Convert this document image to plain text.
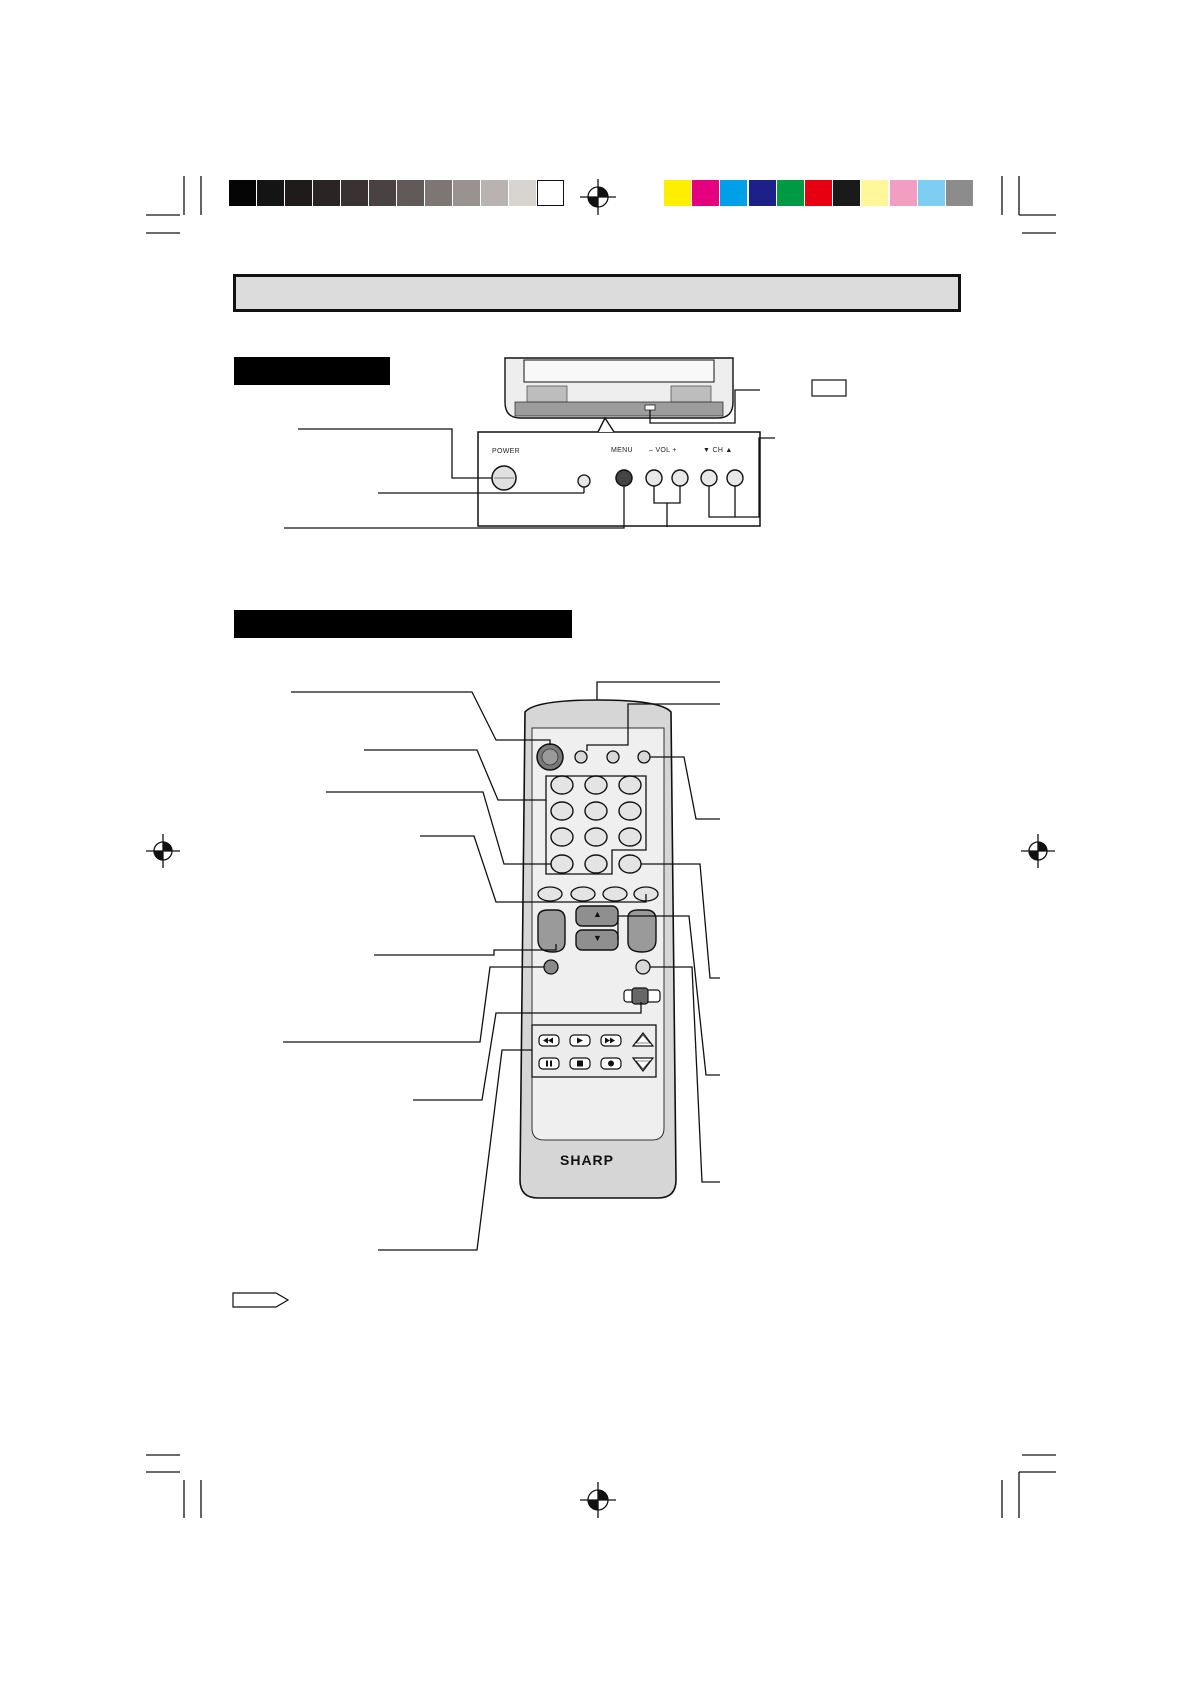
POWER	MENU – VOL +	▼ CH ▲
SHARP
▲
▼
